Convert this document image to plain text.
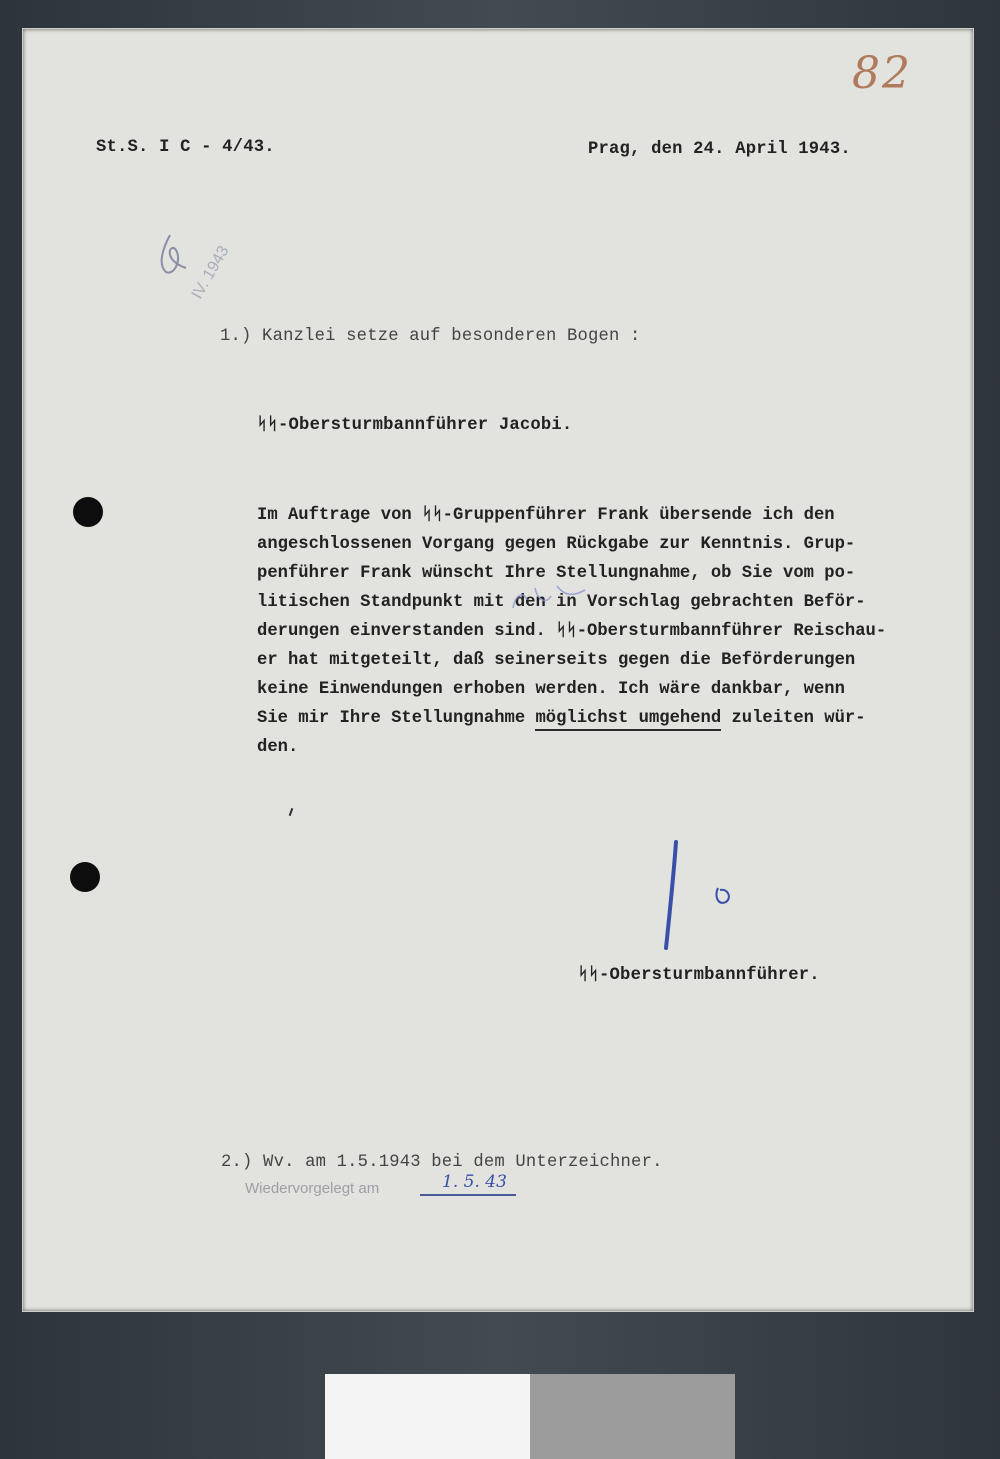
82
St.S. I C - 4/43.	Prag, den 24. April 1943.
IV. 1943
1.) Kanzlei setze auf besonderen Bogen :
ᛋᛋ-Obersturmbannführer Jacobi.
Im Auftrage von ᛋᛋ-Gruppenführer Frank übersende ich den
angeschlossenen Vorgang gegen Rückgabe zur Kenntnis. Grup-
penführer Frank wünscht Ihre Stellungnahme, ob Sie vom po-
litischen Standpunkt mit den in Vorschlag gebrachten Beför-
derungen einverstanden sind. ᛋᛋ-Obersturmbannführer Reischau-
er hat mitgeteilt, daß seinerseits gegen die Beförderungen
keine Einwendungen erhoben werden. Ich wäre dankbar, wenn
Sie mir Ihre Stellungnahme möglichst umgehend zuleiten wür-
den.
ᛋᛋ-Obersturmbannführer.
2.) Wv. am 1.5.1943 bei dem Unterzeichner.
Wiedervorgelegt am	1. 5. 43
